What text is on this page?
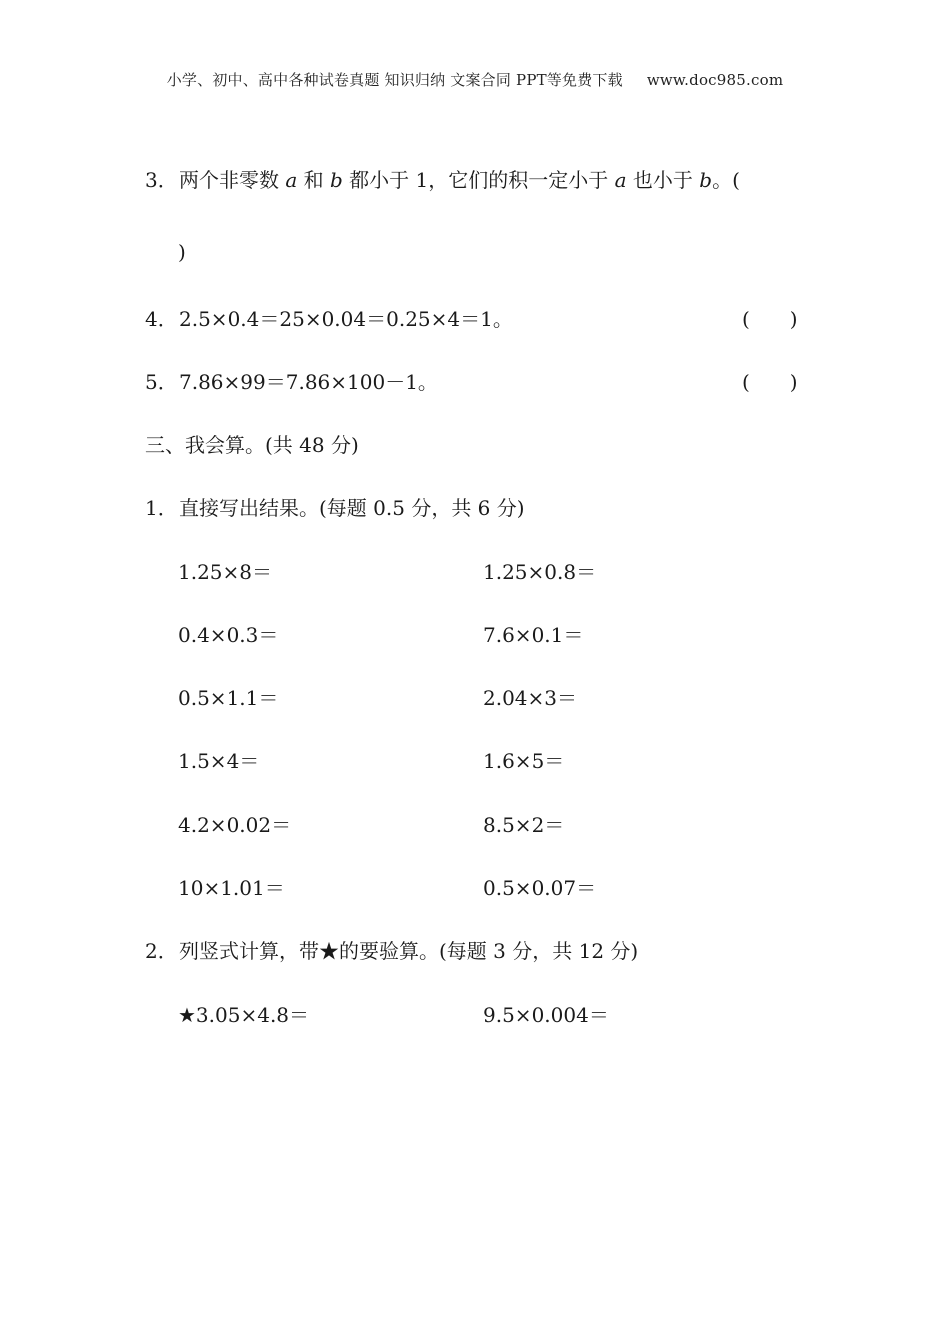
小学、初中、高中各种试卷真题 知识归纳 文案合同 PPT等免费下载 www.doc985.com
3．两个非零数 a 和 b 都小于 1，它们的积一定小于 a 也小于 b。(
)
4．2.5×0.4＝25×0.04＝0.25×4＝1。	(　　)
5．7.86×99＝7.86×100－1。	(　　)
三、我会算。(共 48 分)
1．直接写出结果。(每题 0.5 分，共 6 分)
1.25×8＝	1.25×0.8＝
0.4×0.3＝	7.6×0.1＝
0.5×1.1＝	2.04×3＝
1.5×4＝	1.6×5＝
4.2×0.02＝	8.5×2＝
10×1.01＝	0.5×0.07＝
2．列竖式计算，带★的要验算。(每题 3 分，共 12 分)
★3.05×4.8＝	9.5×0.004＝
